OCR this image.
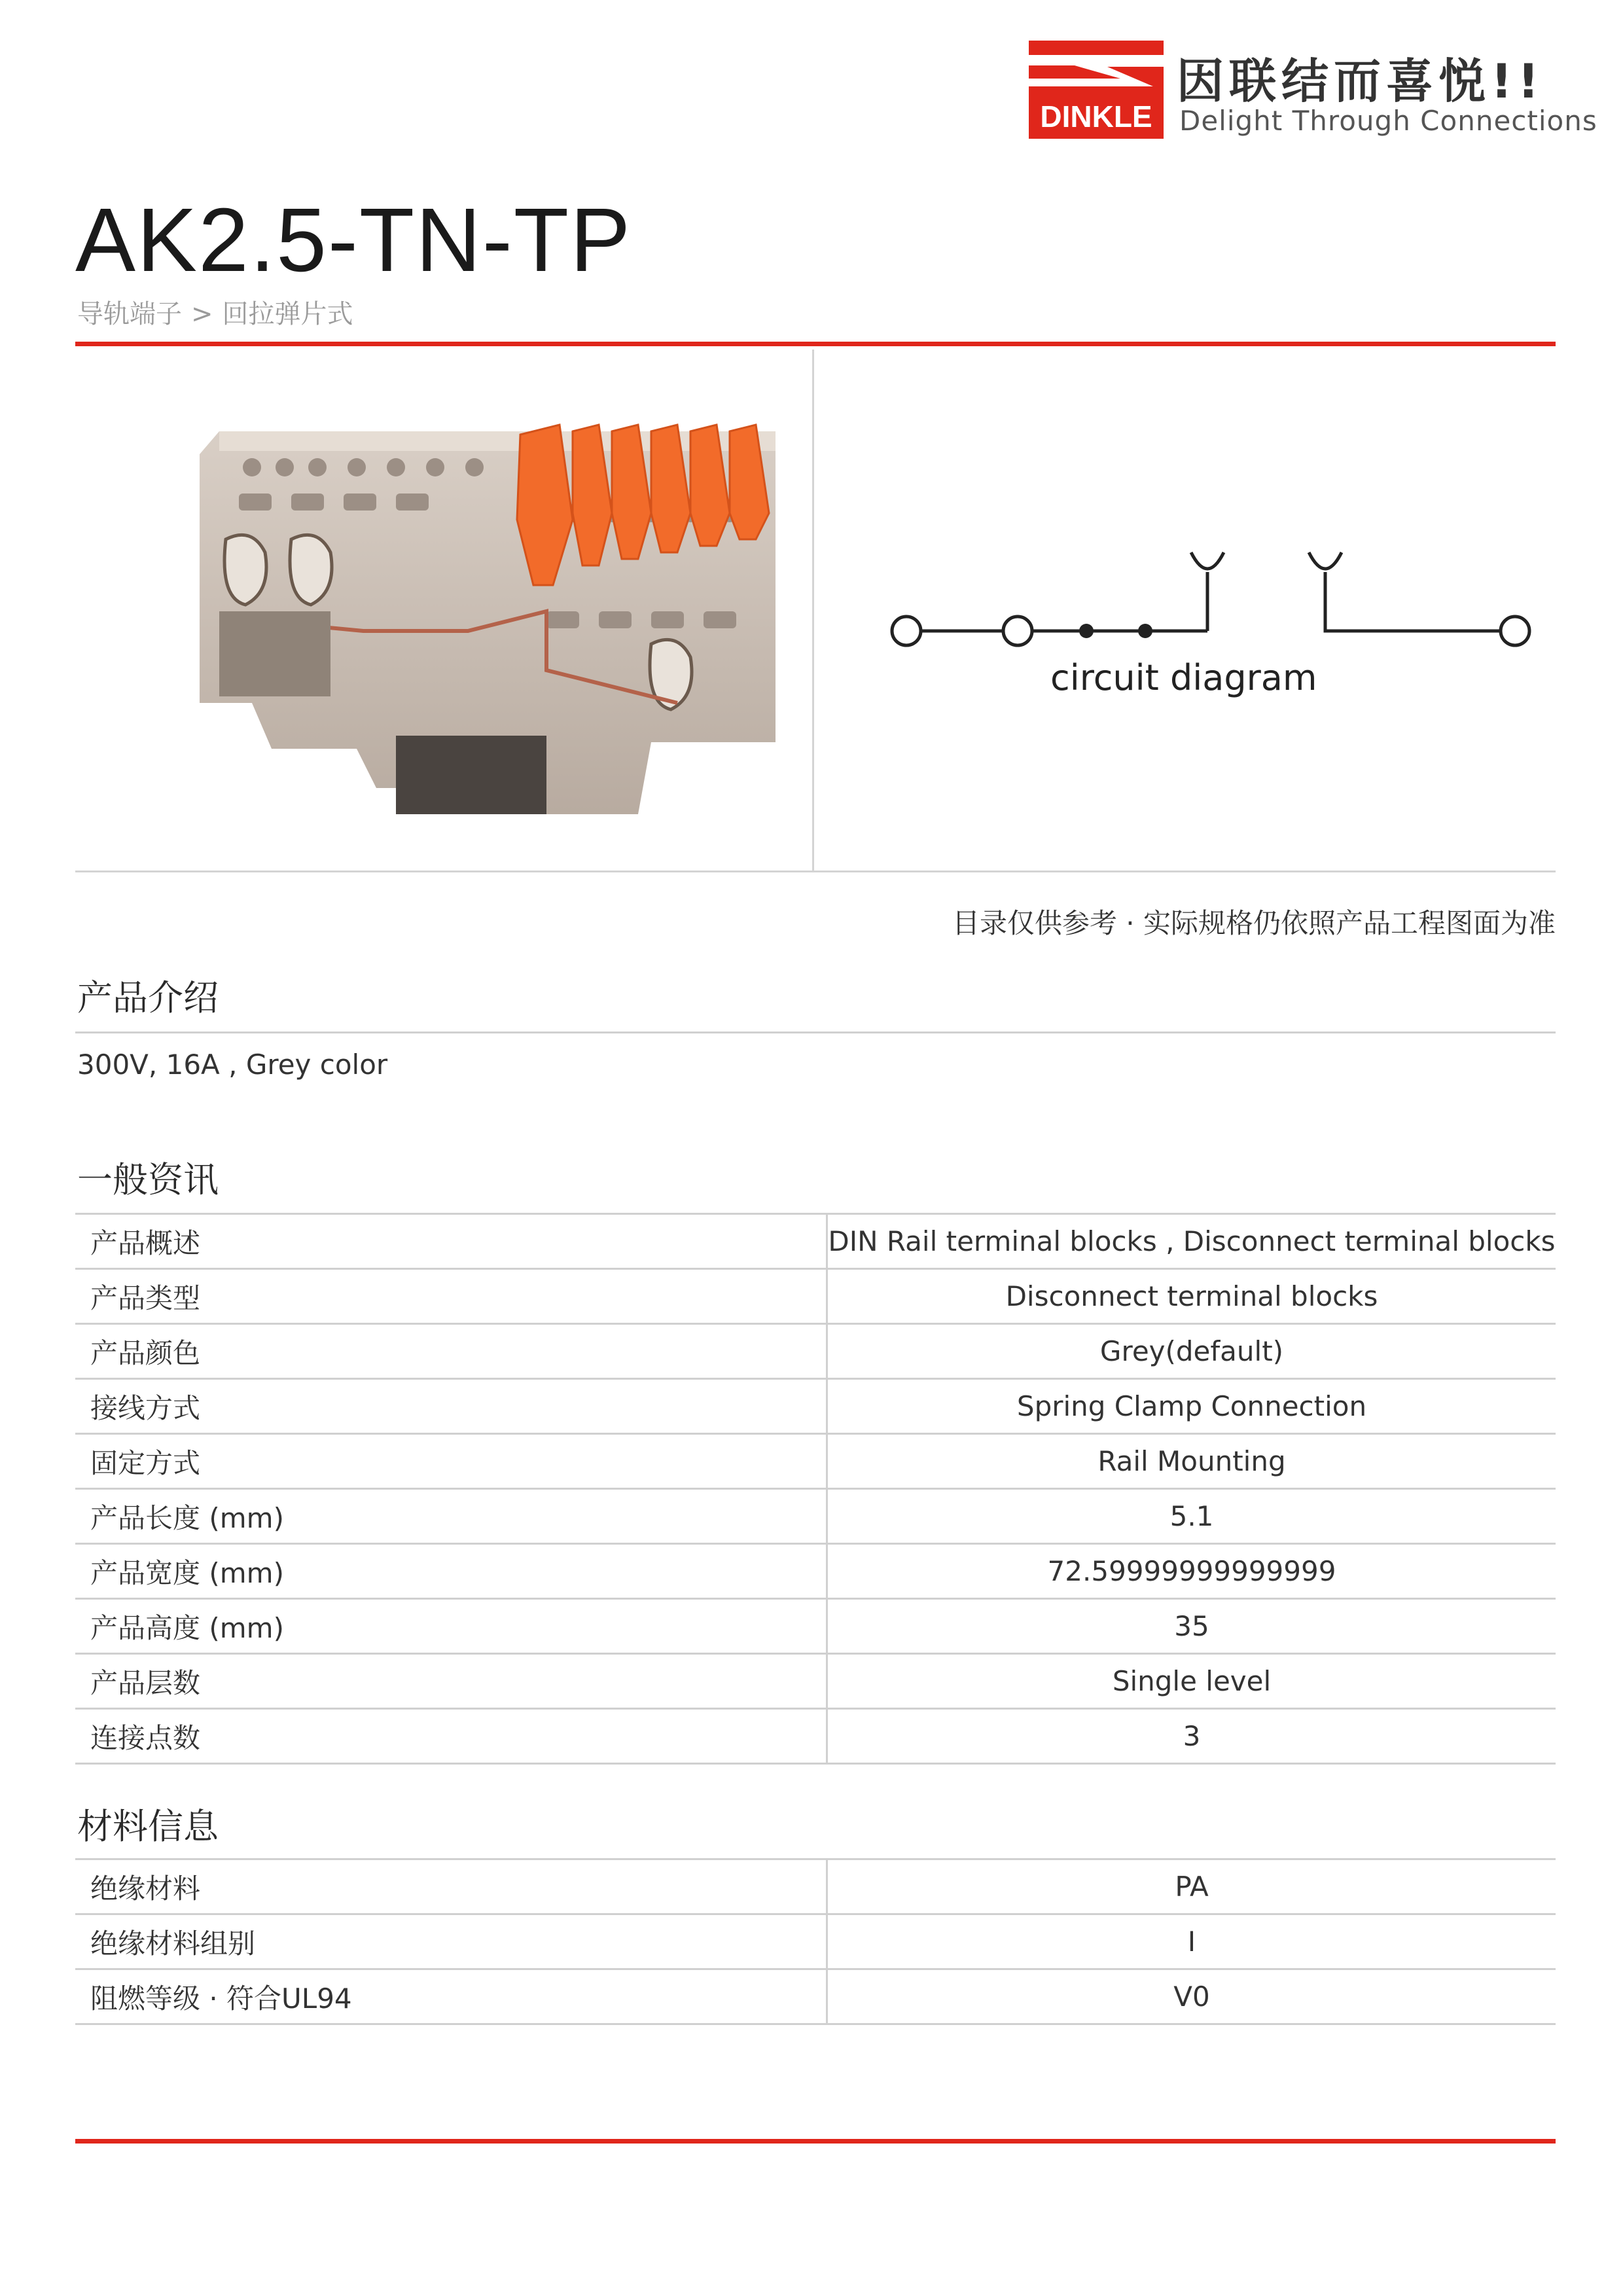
DINKLE
因联结而喜悦!!
Delight Through Connections
AK2.5-TN-TP
导轨端子 > 回拉弹片式
circuit diagram
目录仅供参考 · 实际规格仍依照产品工程图面为准
产品介绍
300V, 16A , Grey color
一般资讯
产品概述	DIN Rail terminal blocks , Disconnect terminal blocks
产品类型	Disconnect terminal blocks
产品颜色	Grey(default)
接线方式	Spring Clamp Connection
固定方式	Rail Mounting
产品长度 (mm)	5.1
产品宽度 (mm)	72.59999999999999
产品高度 (mm)	35
产品层数	Single level
连接点数	3
材料信息
绝缘材料	PA
绝缘材料组别	I
阻燃等级 · 符合UL94	V0
